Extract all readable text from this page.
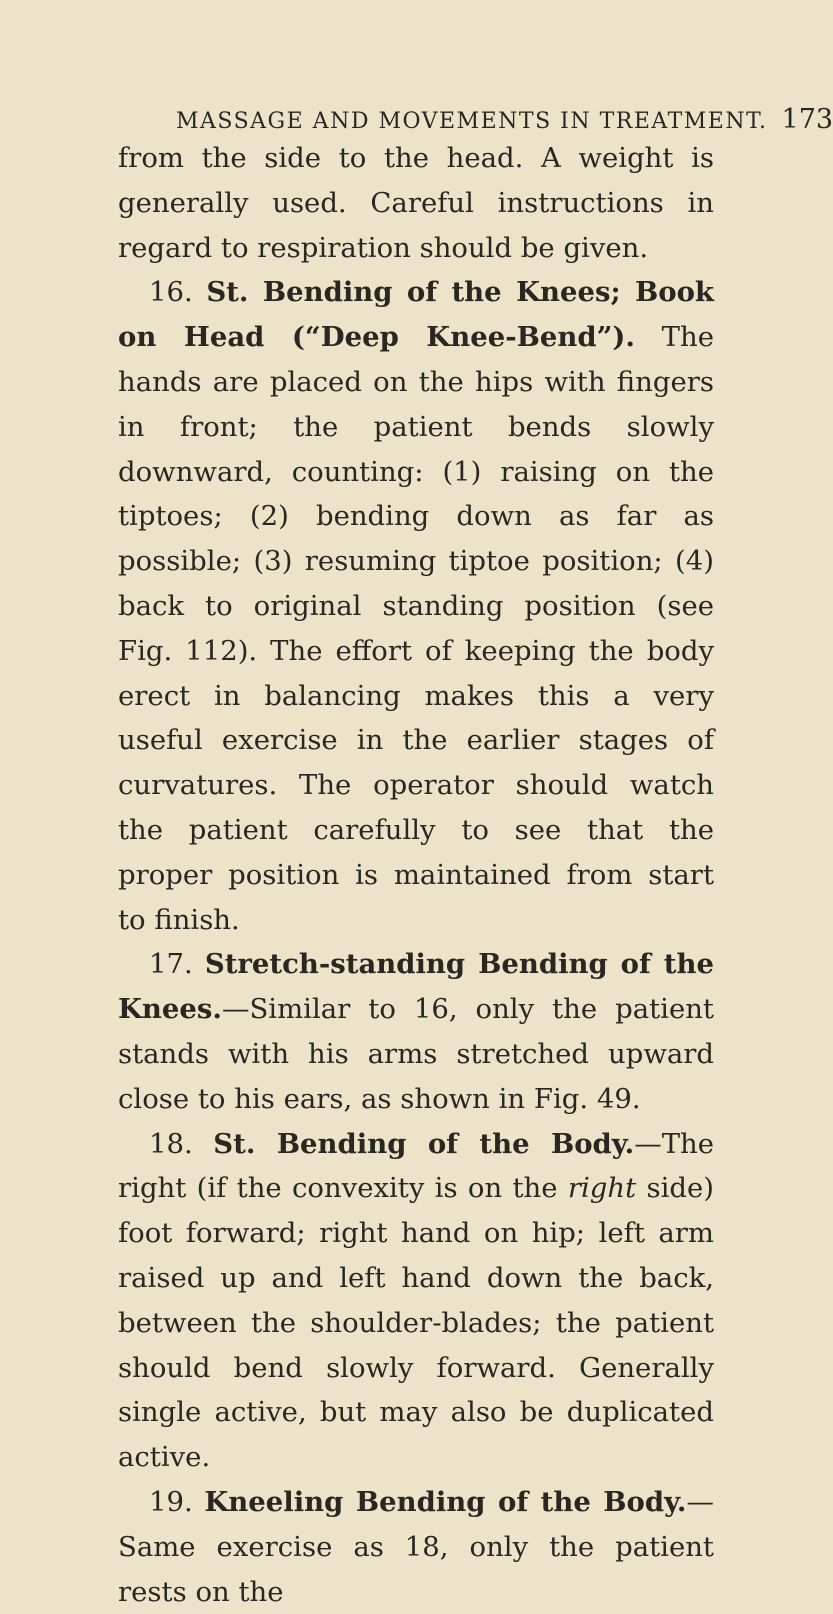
MASSAGE AND MOVEMENTS IN TREATMENT. 173

from the side to the head. A weight is generally used. Careful instructions in regard to respiration should be given.

16. St. Bending of the Knees; Book on Head (“Deep Knee-Bend”). The hands are placed on the hips with fingers in front; the patient bends slowly downward, counting: (1) raising on the tiptoes; (2) bending down as far as possible; (3) resuming tiptoe position; (4) back to original standing position (see Fig. 112). The effort of keeping the body erect in balancing makes this a very useful exercise in the earlier stages of curvatures. The operator should watch the patient carefully to see that the proper position is maintained from start to finish.

17. Stretch-standing Bending of the Knees.—Similar to 16, only the patient stands with his arms stretched upward close to his ears, as shown in Fig. 49.

18. St. Bending of the Body.—The right (if the convexity is on the right side) foot forward; right hand on hip; left arm raised up and left hand down the back, between the shoulder-blades; the patient should bend slowly forward. Generally single active, but may also be duplicated active.

19. Kneeling Bending of the Body.—Same exercise as 18, only the patient rests on the
